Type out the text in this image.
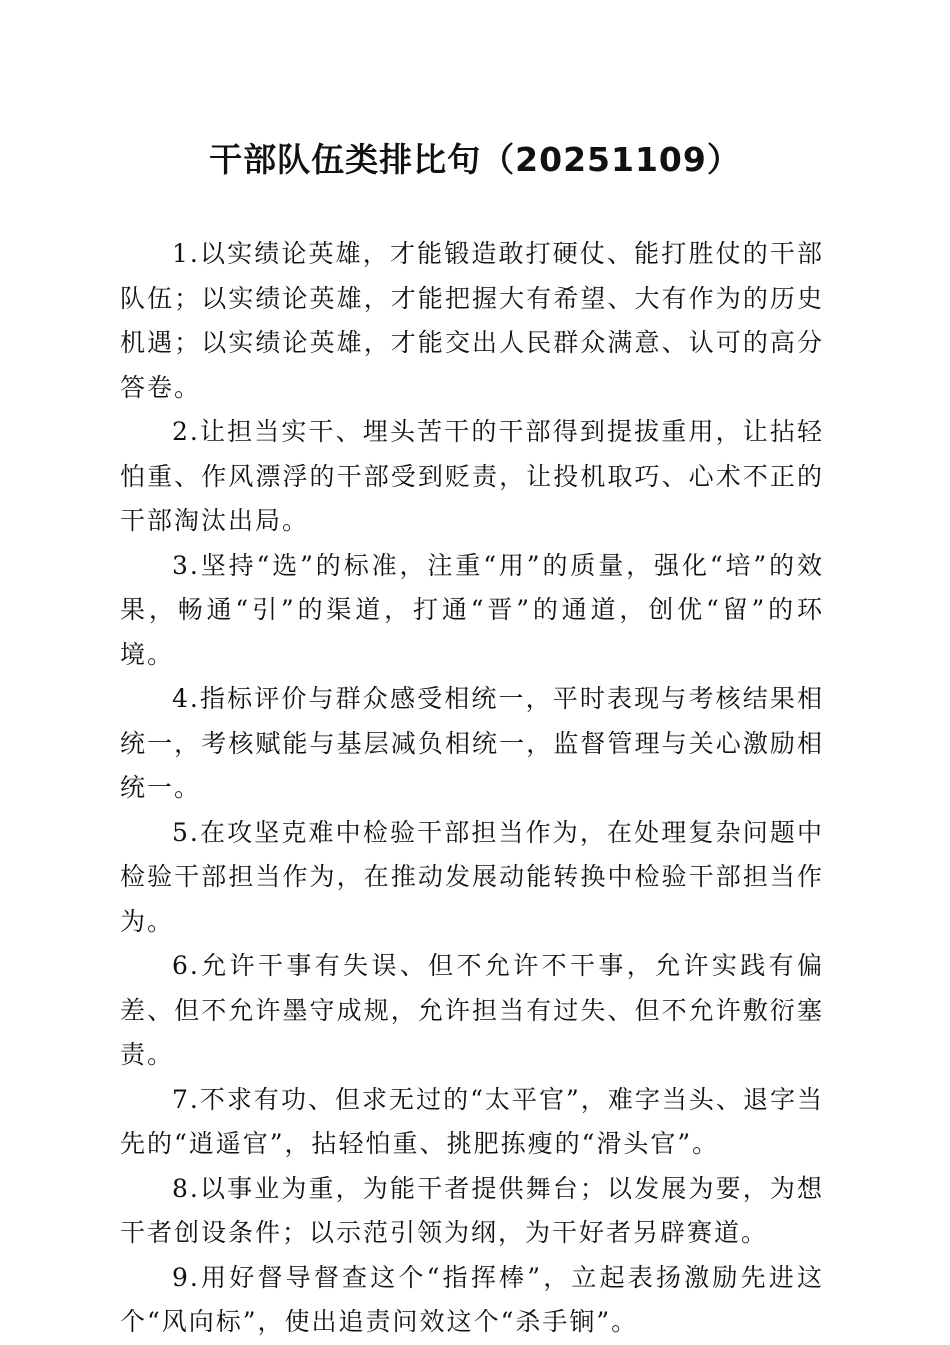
干部队伍类排比句（20251109）

1.以实绩论英雄，才能锻造敢打硬仗、能打胜仗的干部队伍；以实绩论英雄，才能把握大有希望、大有作为的历史机遇；以实绩论英雄，才能交出人民群众满意、认可的高分答卷。

2.让担当实干、埋头苦干的干部得到提拔重用，让拈轻怕重、作风漂浮的干部受到贬责，让投机取巧、心术不正的干部淘汰出局。

3.坚持“选”的标准，注重“用”的质量，强化“培”的效果，畅通“引”的渠道，打通“晋”的通道，创优“留”的环境。

4.指标评价与群众感受相统一，平时表现与考核结果相统一，考核赋能与基层减负相统一，监督管理与关心激励相统一。

5.在攻坚克难中检验干部担当作为，在处理复杂问题中检验干部担当作为，在推动发展动能转换中检验干部担当作为。

6.允许干事有失误、但不允许不干事，允许实践有偏差、但不允许墨守成规，允许担当有过失、但不允许敷衍塞责。

7.不求有功、但求无过的“太平官”，难字当头、退字当先的“逍遥官”，拈轻怕重、挑肥拣瘦的“滑头官”。

8.以事业为重，为能干者提供舞台；以发展为要，为想干者创设条件；以示范引领为纲，为干好者另辟赛道。

9.用好督导督查这个“指挥棒”，立起表扬激励先进这个“风向标”，使出追责问效这个“杀手锏”。
